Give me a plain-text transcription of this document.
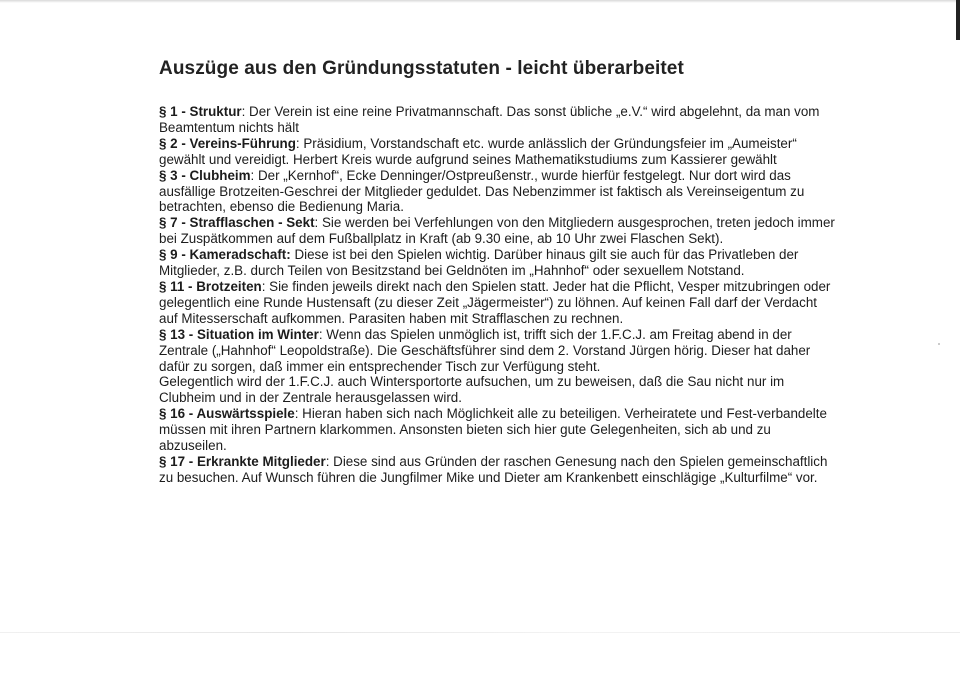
Auszüge aus den Gründungsstatuten - leicht überarbeitet

§ 1 - Struktur: Der Verein ist eine reine Privatmannschaft. Das sonst übliche „e.V.“ wird abgelehnt, da man vom Beamtentum nichts hält

§ 2 - Vereins-Führung: Präsidium, Vorstandschaft etc. wurde anlässlich der Gründungsfeier im „Aumeister“ gewählt und vereidigt. Herbert Kreis wurde aufgrund seines Mathematikstudiums zum Kassierer gewählt

§ 3 - Clubheim: Der „Kernhof“, Ecke Denninger/Ostpreußenstr., wurde hierfür festgelegt. Nur dort wird das ausfällige Brotzeiten-Geschrei der Mitglieder geduldet. Das Nebenzimmer ist faktisch als Vereinseigentum zu betrachten, ebenso die Bedienung Maria.

§ 7 - Strafflaschen - Sekt: Sie werden bei Verfehlungen von den Mitgliedern ausgesprochen, treten jedoch immer bei Zuspätkommen auf dem Fußballplatz in Kraft (ab 9.30 eine, ab 10 Uhr zwei Flaschen Sekt).

§ 9 - Kameradschaft: Diese ist bei den Spielen wichtig. Darüber hinaus gilt sie auch für das Privatleben der Mitglieder, z.B. durch Teilen von Besitzstand bei Geldnöten im „Hahnhof“ oder sexuellem Notstand.

§ 11 - Brotzeiten: Sie finden jeweils direkt nach den Spielen statt. Jeder hat die Pflicht, Vesper mitzubringen oder gelegentlich eine Runde Hustensaft (zu dieser Zeit „Jägermeister“) zu löhnen. Auf keinen Fall darf der Verdacht auf Mitesserschaft aufkommen. Parasiten haben mit Strafflaschen zu rechnen.

§ 13 - Situation im Winter: Wenn das Spielen unmöglich ist, trifft sich der 1.F.C.J. am Freitag abend in der Zentrale („Hahnhof“ Leopoldstraße). Die Geschäftsführer sind dem 2. Vorstand Jürgen hörig. Dieser hat daher dafür zu sorgen, daß immer ein entsprechender Tisch zur Verfügung steht.

Gelegentlich wird der 1.F.C.J. auch Wintersportorte aufsuchen, um zu beweisen, daß die Sau nicht nur im Clubheim und in der Zentrale herausgelassen wird.

§ 16 - Auswärtsspiele: Hieran haben sich nach Möglichkeit alle zu beteiligen. Verheiratete und Fest-verbandelte müssen mit ihren Partnern klarkommen. Ansonsten bieten sich hier gute Gelegenheiten, sich ab und zu abzuseilen.

§ 17 - Erkrankte Mitglieder: Diese sind aus Gründen der raschen Genesung nach den Spielen gemeinschaftlich zu besuchen. Auf Wunsch führen die Jungfilmer Mike und Dieter am Krankenbett einschlägige „Kulturfilme“ vor.
